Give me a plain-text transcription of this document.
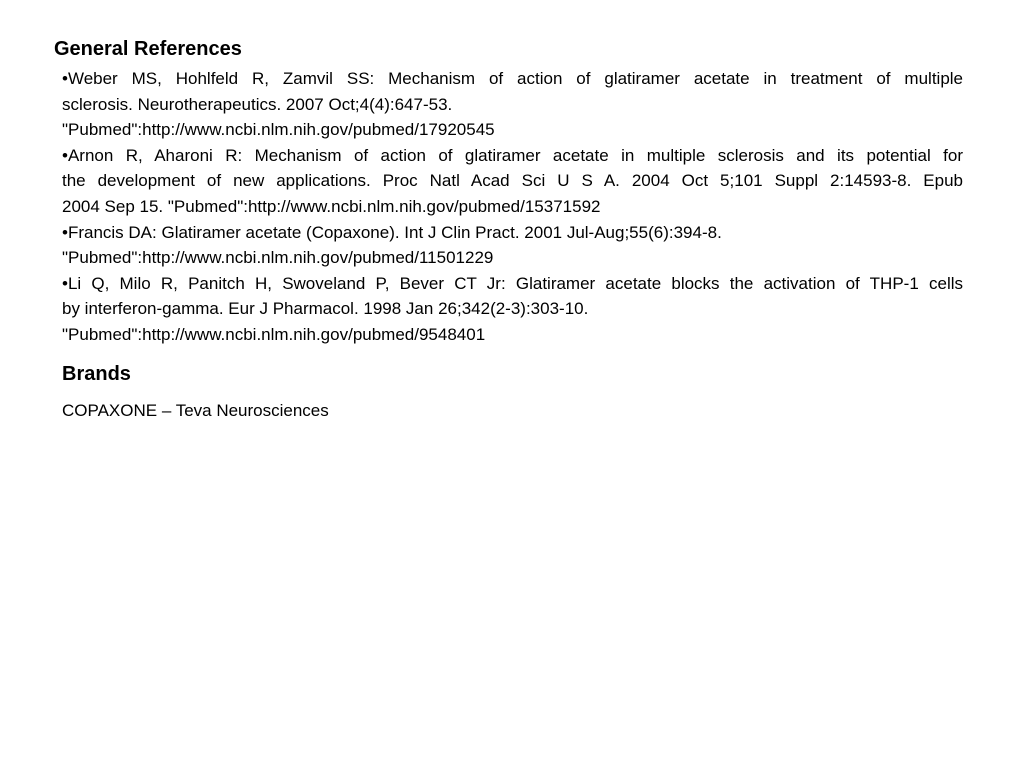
General References
•Weber MS, Hohlfeld R, Zamvil SS: Mechanism of action of glatiramer acetate in treatment of multiple
sclerosis. Neurotherapeutics. 2007 Oct;4(4):647-53.
"Pubmed":http://www.ncbi.nlm.nih.gov/pubmed/17920545
•Arnon R, Aharoni R: Mechanism of action of glatiramer acetate in multiple sclerosis and its potential for
the development of new applications. Proc Natl Acad Sci U S A. 2004 Oct 5;101 Suppl 2:14593-8. Epub
2004 Sep 15. "Pubmed":http://www.ncbi.nlm.nih.gov/pubmed/15371592
•Francis DA: Glatiramer acetate (Copaxone). Int J Clin Pract. 2001 Jul-Aug;55(6):394-8.
"Pubmed":http://www.ncbi.nlm.nih.gov/pubmed/11501229
•Li Q, Milo R, Panitch H, Swoveland P, Bever CT Jr: Glatiramer acetate blocks the activation of THP-1 cells
by interferon-gamma. Eur J Pharmacol. 1998 Jan 26;342(2-3):303-10.
"Pubmed":http://www.ncbi.nlm.nih.gov/pubmed/9548401
Brands

COPAXONE – Teva Neurosciences
